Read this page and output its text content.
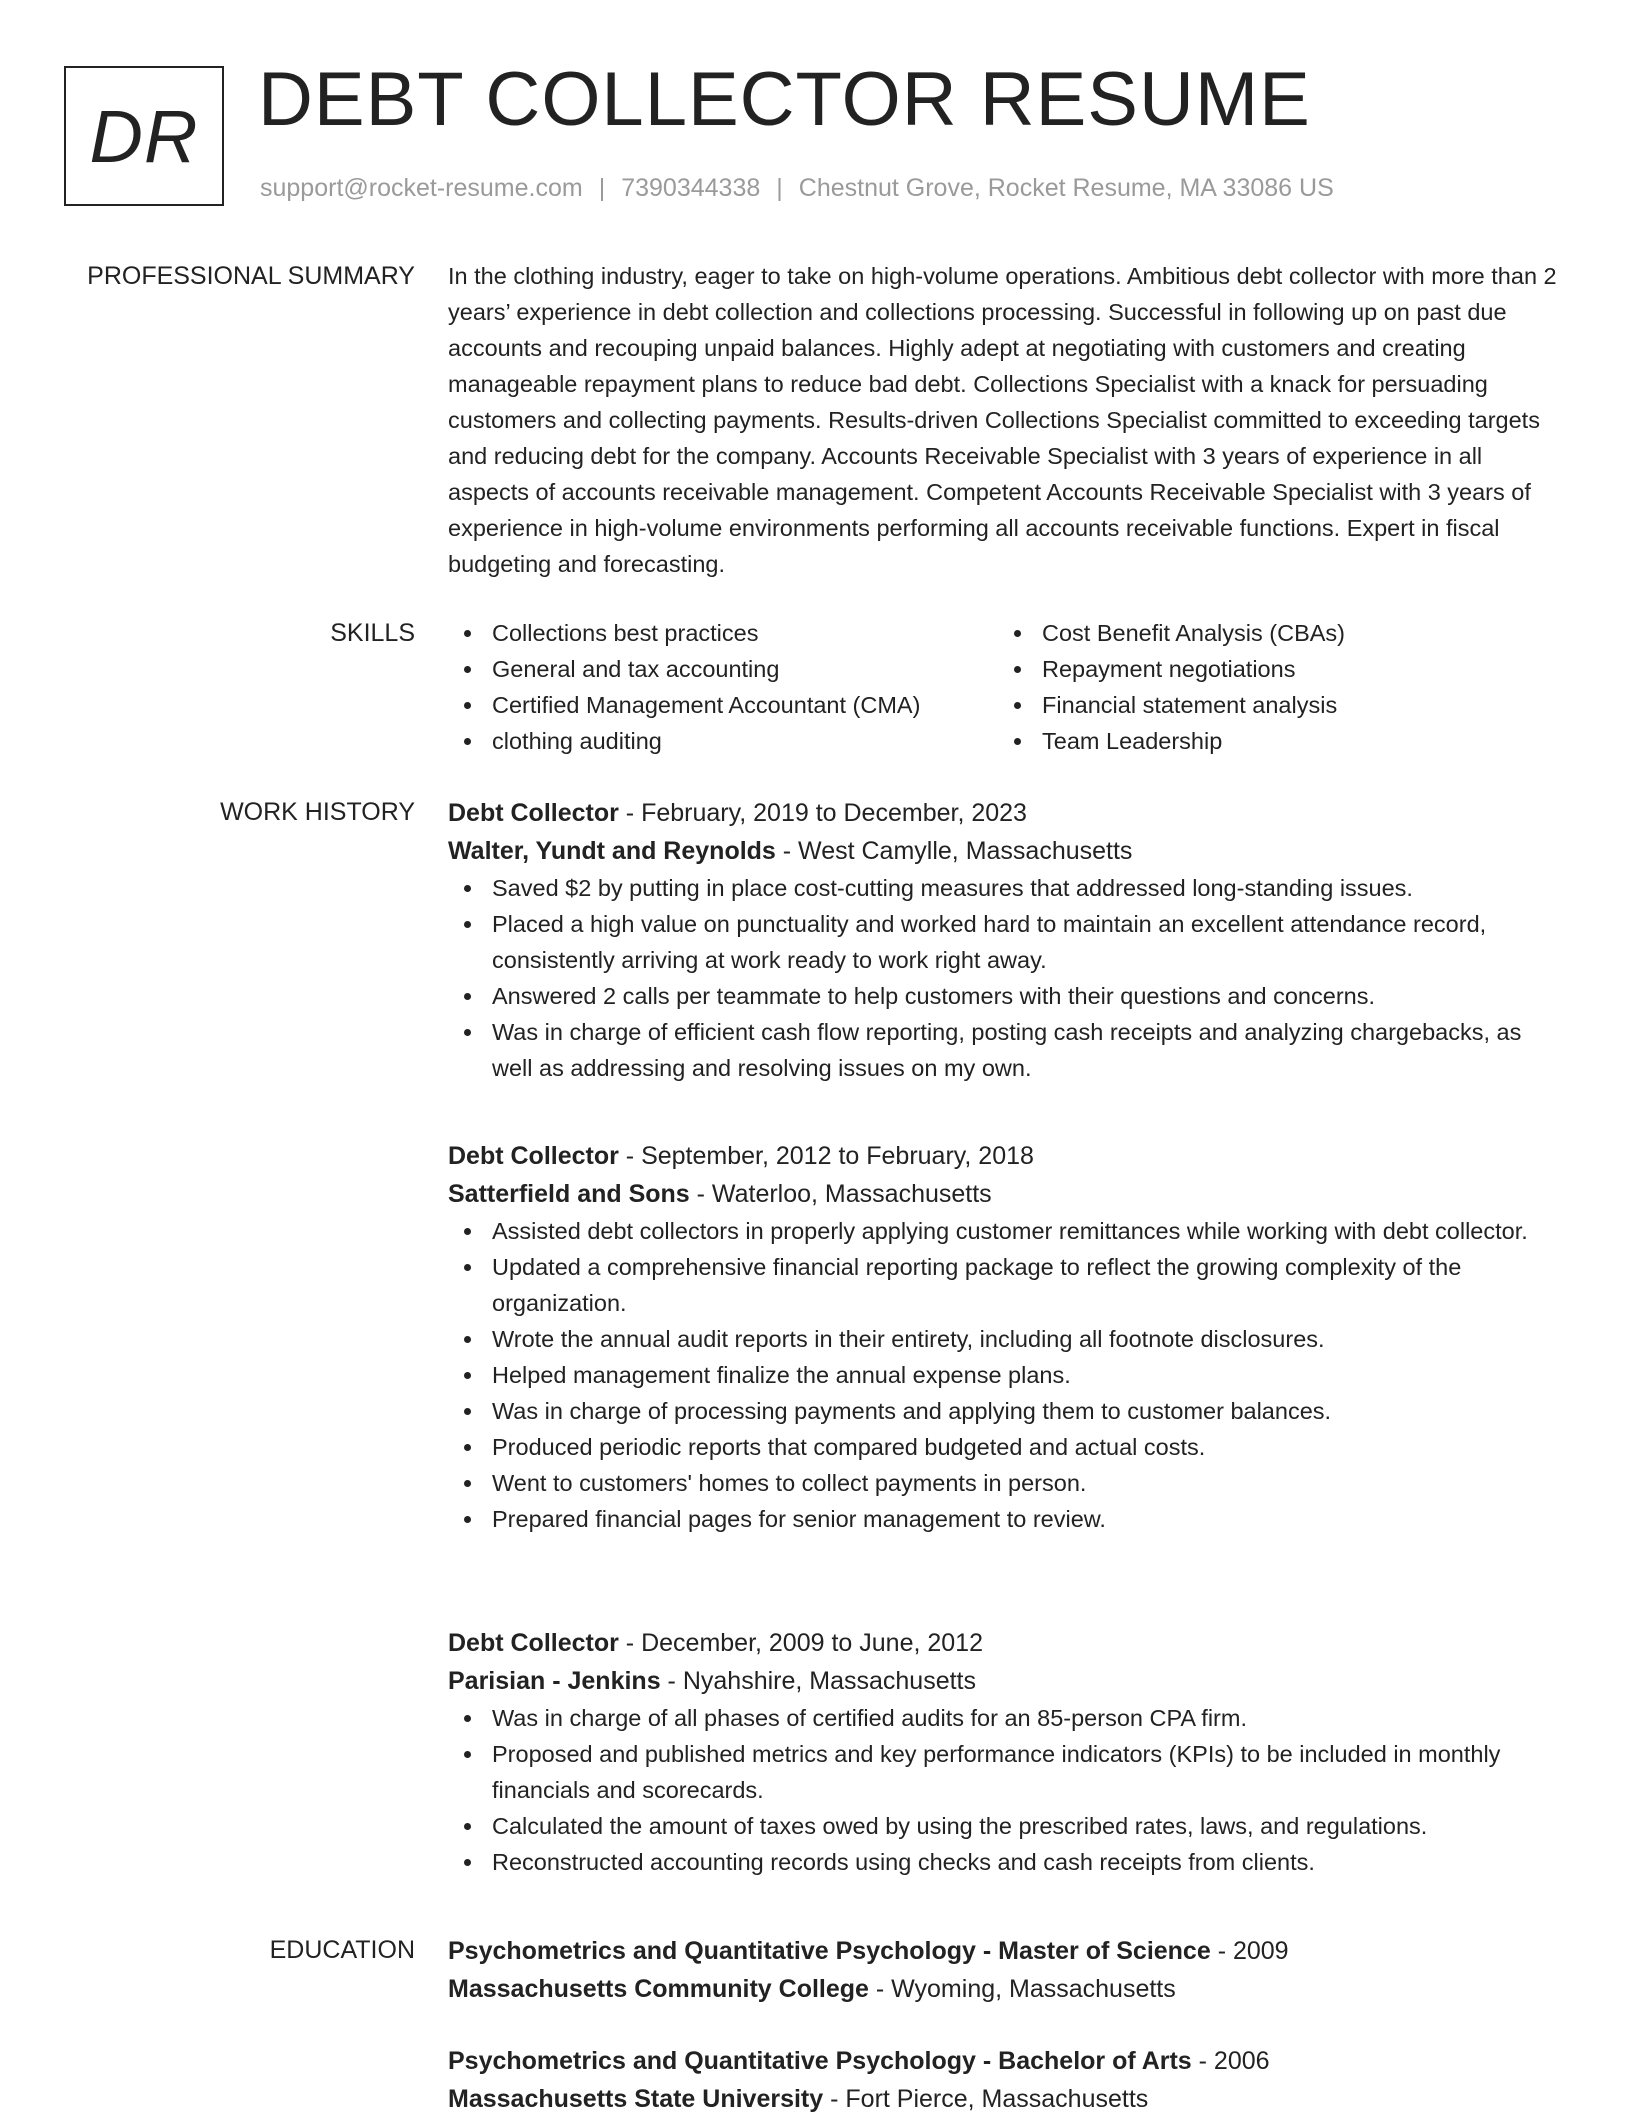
DR DEBT COLLECTOR RESUME
support@rocket-resume.com | 7390344338 | Chestnut Grove, Rocket Resume, MA 33086 US
PROFESSIONAL SUMMARY In the clothing industry, eager to take on high-volume operations. Ambitious debt collector with more than 2 years’ experience in debt collection and collections processing. Successful in following up on past due accounts and recouping unpaid balances. Highly adept at negotiating with customers and creating manageable repayment plans to reduce bad debt. Collections Specialist with a knack for persuading customers and collecting payments. Results-driven Collections Specialist committed to exceeding targets and reducing debt for the company. Accounts Receivable Specialist with 3 years of experience in all aspects of accounts receivable management. Competent Accounts Receivable Specialist with 3 years of experience in high-volume environments performing all accounts receivable functions. Expert in fiscal budgeting and forecasting.

SKILLS	Collections best practices
General and tax accounting
Certified Management Accountant (CMA)
clothing auditing
Cost Benefit Analysis (CBAs)
Repayment negotiations
Financial statement analysis
Team Leadership
WORK HISTORY Debt Collector - February, 2019 to December, 2023
Walter, Yundt and Reynolds - West Camylle, Massachusetts
Saved $2 by putting in place cost-cutting measures that addressed long-standing issues.
Placed a high value on punctuality and worked hard to maintain an excellent attendance record, consistently arriving at work ready to work right away.
Answered 2 calls per teammate to help customers with their questions and concerns.
Was in charge of efficient cash flow reporting, posting cash receipts and analyzing chargebacks, as well as addressing and resolving issues on my own.
Debt Collector - September, 2012 to February, 2018
Satterfield and Sons - Waterloo, Massachusetts
Assisted debt collectors in properly applying customer remittances while working with debt collector.
Updated a comprehensive financial reporting package to reflect the growing complexity of the organization.
Wrote the annual audit reports in their entirety, including all footnote disclosures.
Helped management finalize the annual expense plans.
Was in charge of processing payments and applying them to customer balances.
Produced periodic reports that compared budgeted and actual costs.
Went to customers' homes to collect payments in person.
Prepared financial pages for senior management to review.
Debt Collector - December, 2009 to June, 2012
Parisian - Jenkins - Nyahshire, Massachusetts
Was in charge of all phases of certified audits for an 85-person CPA firm.
Proposed and published metrics and key performance indicators (KPIs) to be included in monthly financials and scorecards.
Calculated the amount of taxes owed by using the prescribed rates, laws, and regulations.
Reconstructed accounting records using checks and cash receipts from clients.
EDUCATION Psychometrics and Quantitative Psychology - Master of Science - 2009
Massachusetts Community College - Wyoming, Massachusetts
Psychometrics and Quantitative Psychology - Bachelor of Arts - 2006
Massachusetts State University - Fort Pierce, Massachusetts
